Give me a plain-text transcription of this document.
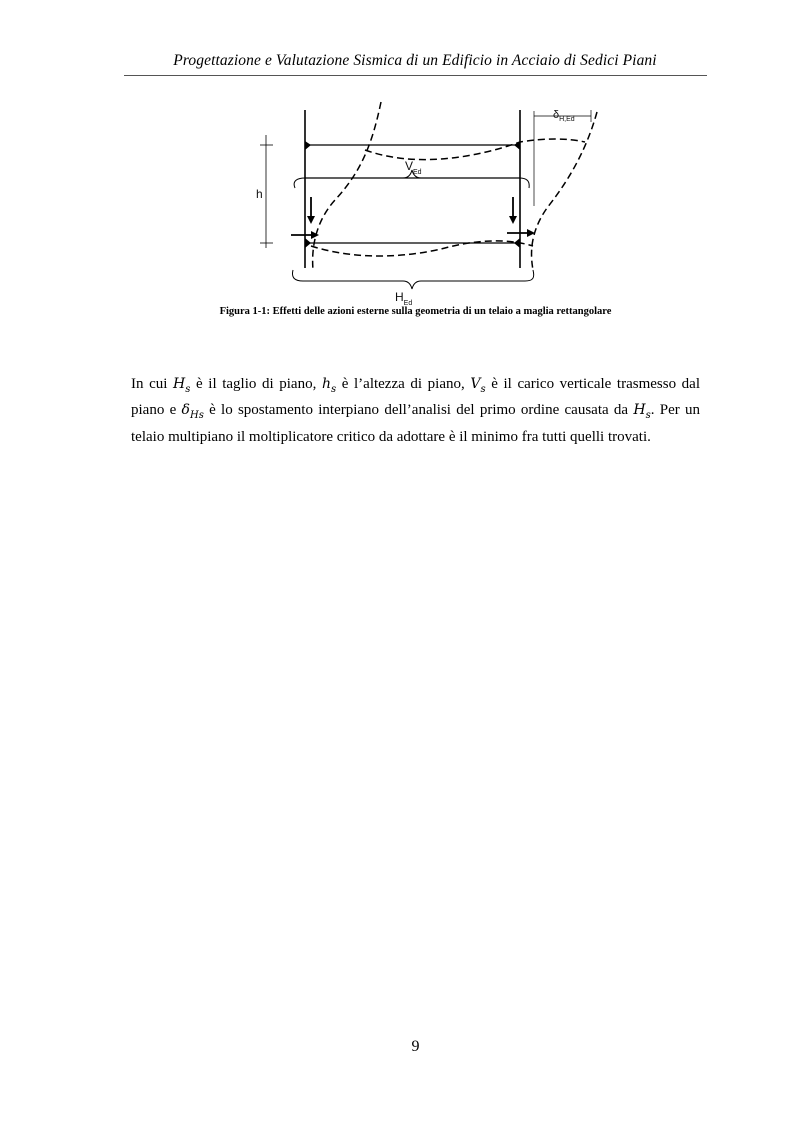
Progettazione e Valutazione Sismica di un Edificio in Acciaio di Sedici Piani
$\delta_{H,Ed}$
$V_{Ed}$
h
$H_{Ed}$
Figura 1-1: Effetti delle azioni esterne sulla geometria di un telaio a maglia rettangolare

In cui $H_s$ è il taglio di piano, $h_s$ è l’altezza di piano, $V_s$ è il carico verticale trasmesso dal piano e $\delta_{Hs}$ è lo spostamento interpiano dell’analisi del primo ordine causata da $H_s$. Per un telaio multipiano il moltiplicatore critico da adottare è il minimo fra tutti quelli trovati.

9
